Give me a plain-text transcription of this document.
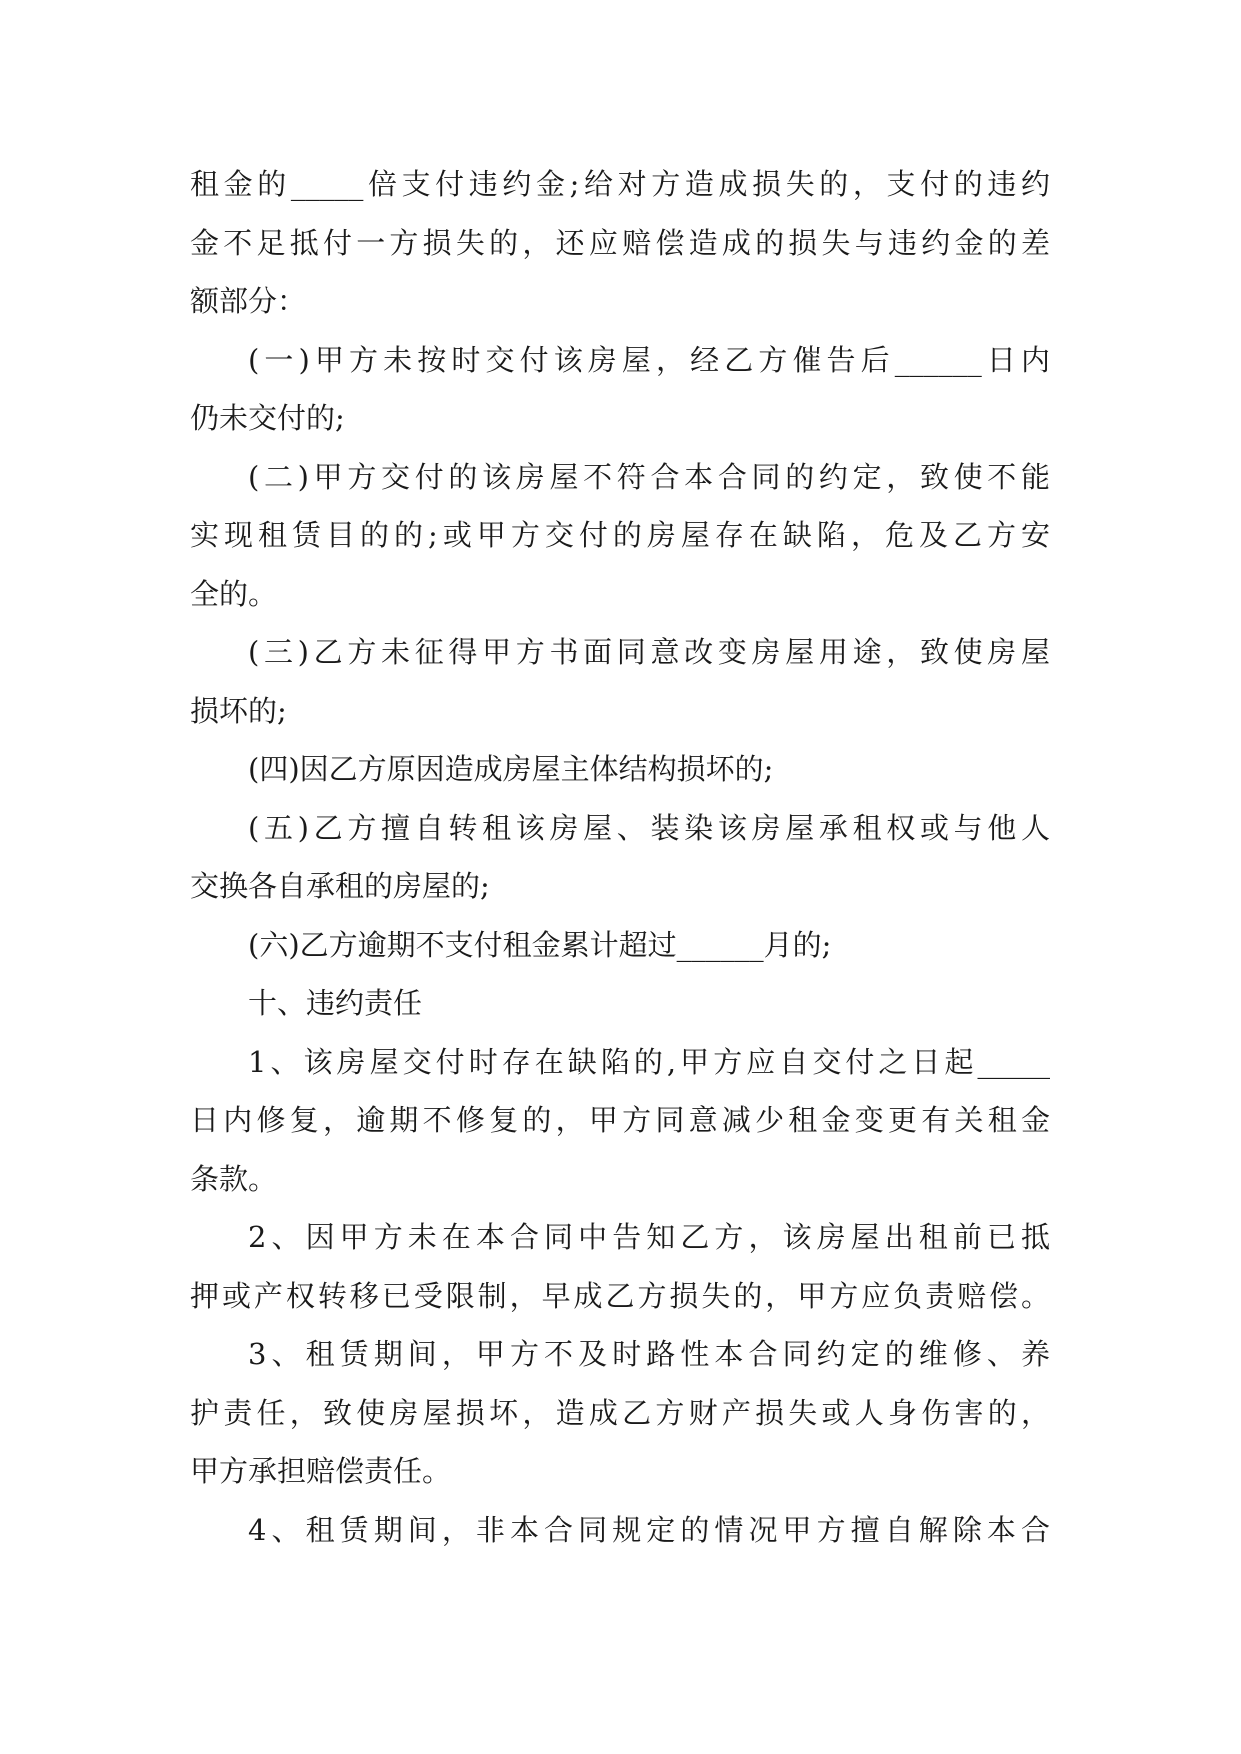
租金的_____倍支付违约金;给对方造成损失的，支付的违约
金不足抵付一方损失的，还应赔偿造成的损失与违约金的差
额部分：
(一)甲方未按时交付该房屋，经乙方催告后______日内
仍未交付的;
(二)甲方交付的该房屋不符合本合同的约定，致使不能
实现租赁目的的;或甲方交付的房屋存在缺陷，危及乙方安
全的。
(三)乙方未征得甲方书面同意改变房屋用途，致使房屋
损坏的;
(四)因乙方原因造成房屋主体结构损坏的;
(五)乙方擅自转租该房屋、装染该房屋承租权或与他人
交换各自承租的房屋的;
(六)乙方逾期不支付租金累计超过______月的;
十、违约责任
1、该房屋交付时存在缺陷的,甲方应自交付之日起_____
日内修复，逾期不修复的，甲方同意减少租金变更有关租金
条款。
2、因甲方未在本合同中告知乙方，该房屋出租前已抵
押或产权转移已受限制，早成乙方损失的，甲方应负责赔偿。
3、租赁期间，甲方不及时路性本合同约定的维修、养
护责任，致使房屋损坏，造成乙方财产损失或人身伤害的，
甲方承担赔偿责任。
4、租赁期间，非本合同规定的情况甲方擅自解除本合
